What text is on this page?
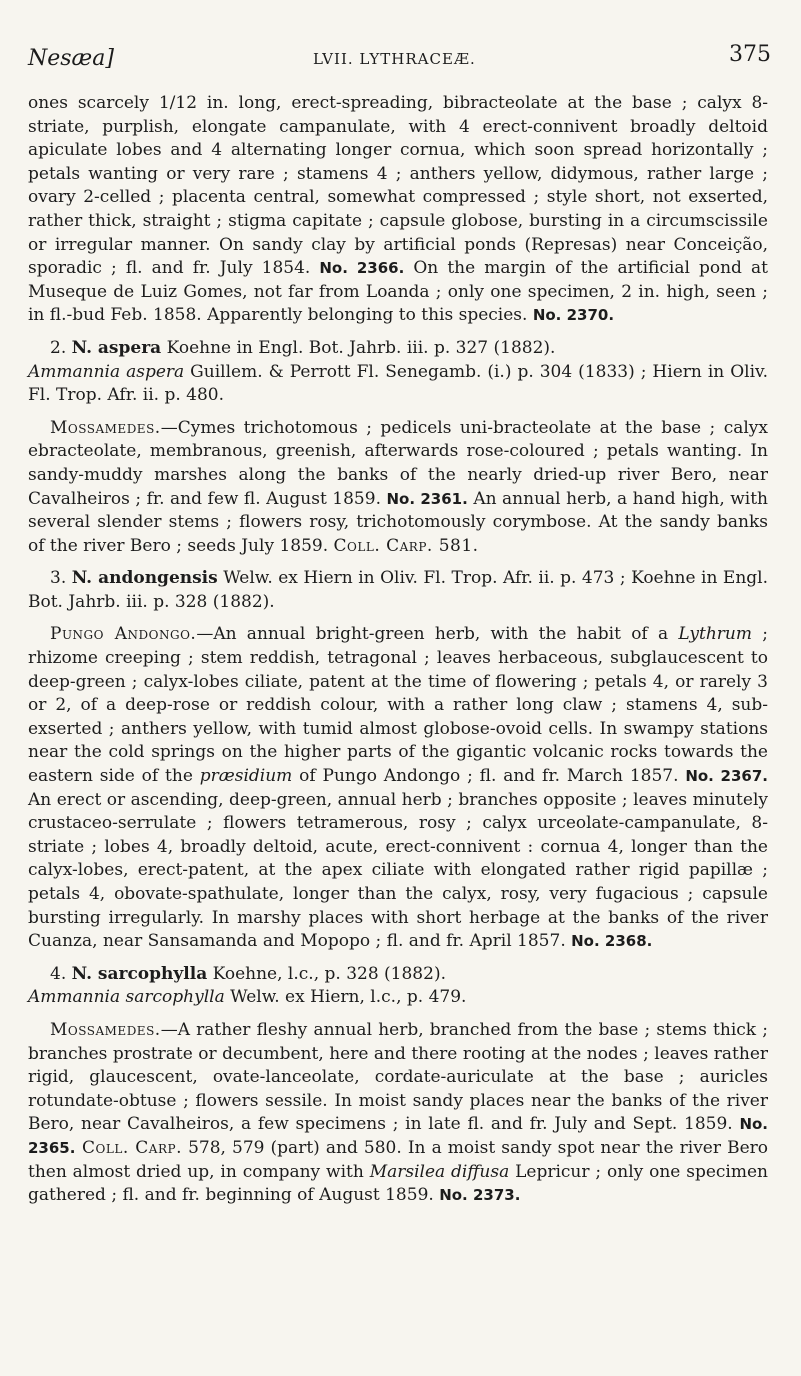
Nesæa]	LVII. LYTHRACEÆ.	375

ones scarcely 1/12 in. long, erect-spreading, bibracteolate at the base ; calyx 8-striate, purplish, elongate campanulate, with 4 erect-connivent broadly deltoid apiculate lobes and 4 alternating longer cornua, which soon spread horizontally ; petals wanting or very rare ; stamens 4 ; anthers yellow, didymous, rather large ; ovary 2-celled ; placenta central, somewhat compressed ; style short, not exserted, rather thick, straight ; stigma capitate ; capsule globose, bursting in a circumscissile or irregular manner. On sandy clay by artificial ponds (Represas) near Conceição, sporadic ; fl. and fr. July 1854. No. 2366. On the margin of the artificial pond at Museque de Luiz Gomes, not far from Loanda ; only one specimen, 2 in. high, seen ; in fl.-bud Feb. 1858. Apparently belonging to this species. No. 2370.

2. N. aspera Koehne in Engl. Bot. Jahrb. iii. p. 327 (1882).
Ammannia aspera Guillem. & Perrott Fl. Senegamb. (i.) p. 304 (1833) ; Hiern in Oliv. Fl. Trop. Afr. ii. p. 480.

Mossamedes.—Cymes trichotomous ; pedicels uni-bracteolate at the base ; calyx ebracteolate, membranous, greenish, afterwards rose-coloured ; petals wanting. In sandy-muddy marshes along the banks of the nearly dried-up river Bero, near Cavalheiros ; fr. and few fl. August 1859. No. 2361. An annual herb, a hand high, with several slender stems ; flowers rosy, trichotomously corymbose. At the sandy banks of the river Bero ; seeds July 1859. Coll. Carp. 581.

3. N. andongensis Welw. ex Hiern in Oliv. Fl. Trop. Afr. ii. p. 473 ; Koehne in Engl. Bot. Jahrb. iii. p. 328 (1882).

Pungo Andongo.—An annual bright-green herb, with the habit of a Lythrum ; rhizome creeping ; stem reddish, tetragonal ; leaves herbaceous, subglaucescent to deep-green ; calyx-lobes ciliate, patent at the time of flowering ; petals 4, or rarely 3 or 2, of a deep-rose or reddish colour, with a rather long claw ; stamens 4, sub-exserted ; anthers yellow, with tumid almost globose-ovoid cells. In swampy stations near the cold springs on the higher parts of the gigantic volcanic rocks towards the eastern side of the præsidium of Pungo Andongo ; fl. and fr. March 1857. No. 2367. An erect or ascending, deep-green, annual herb ; branches opposite ; leaves minutely crustaceo-serrulate ; flowers tetramerous, rosy ; calyx urceolate-campanulate, 8-striate ; lobes 4, broadly deltoid, acute, erect-connivent : cornua 4, longer than the calyx-lobes, erect-patent, at the apex ciliate with elongated rather rigid papillæ ; petals 4, obovate-spathulate, longer than the calyx, rosy, very fugacious ; capsule bursting irregularly. In marshy places with short herbage at the banks of the river Cuanza, near Sansamanda and Mopopo ; fl. and fr. April 1857. No. 2368.

4. N. sarcophylla Koehne, l.c., p. 328 (1882).
Ammannia sarcophylla Welw. ex Hiern, l.c., p. 479.

Mossamedes.—A rather fleshy annual herb, branched from the base ; stems thick ; branches prostrate or decumbent, here and there rooting at the nodes ; leaves rather rigid, glaucescent, ovate-lanceolate, cordate-auriculate at the base ; auricles rotundate-obtuse ; flowers sessile. In moist sandy places near the banks of the river Bero, near Cavalheiros, a few specimens ; in late fl. and fr. July and Sept. 1859. No. 2365. Coll. Carp. 578, 579 (part) and 580. In a moist sandy spot near the river Bero then almost dried up, in company with Marsilea diffusa Lepricur ; only one specimen gathered ; fl. and fr. beginning of August 1859. No. 2373.
